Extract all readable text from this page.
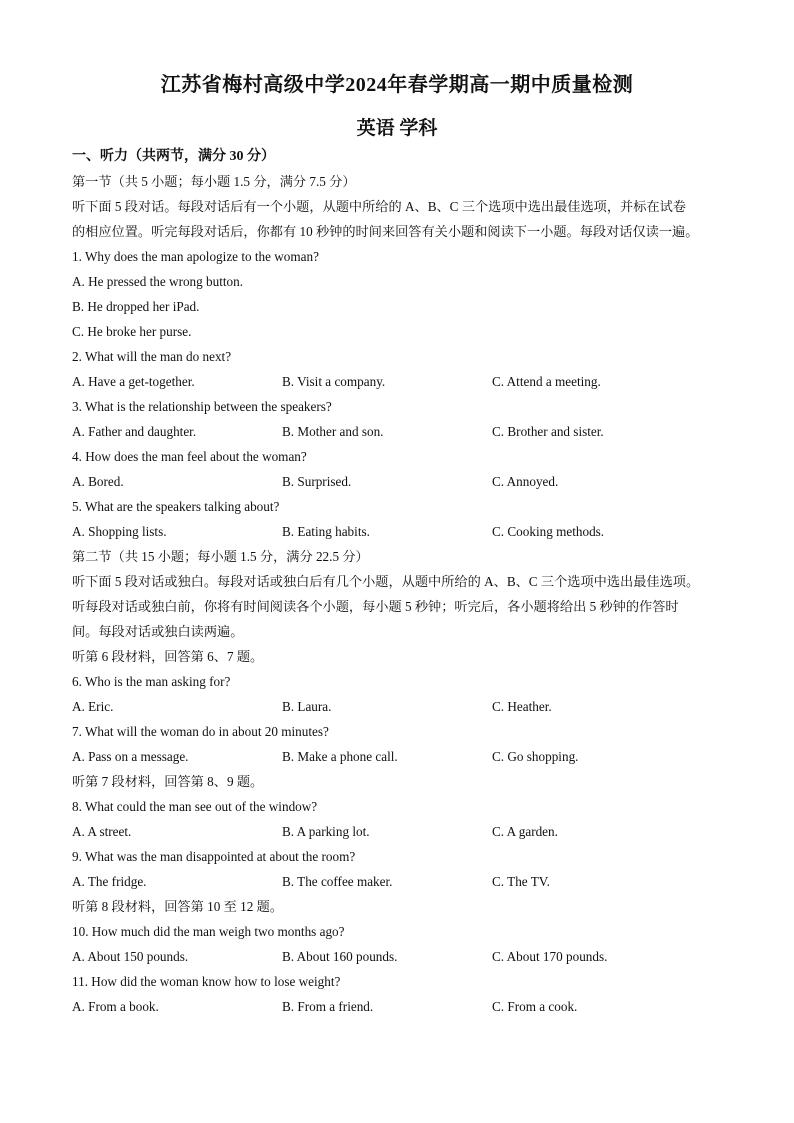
江苏省梅村高级中学2024年春学期高一期中质量检测
英语 学科
一、听力（共两节，满分 30 分）
第一节（共 5 小题；每小题 1.5 分，满分 7.5 分）
听下面 5 段对话。每段对话后有一个小题，从题中所给的 A、B、C 三个选项中选出最佳选项，并标在试卷
的相应位置。听完每段对话后，你都有 10 秒钟的时间来回答有关小题和阅读下一小题。每段对话仅读一遍。
1. Why does the man apologize to the woman?
A. He pressed the wrong button.
B. He dropped her iPad.
C. He broke her purse.
2. What will the man do next?
A. Have a get-together.	B. Visit a company.	C. Attend a meeting.
3. What is the relationship between the speakers?
A. Father and daughter.	B. Mother and son.	C. Brother and sister.
4. How does the man feel about the woman?
A. Bored.	B. Surprised.	C. Annoyed.
5. What are the speakers talking about?
A. Shopping lists.	B. Eating habits.	C. Cooking methods.
第二节（共 15 小题；每小题 1.5 分，满分 22.5 分）
听下面 5 段对话或独白。每段对话或独白后有几个小题，从题中所给的 A、B、C 三个选项中选出最佳选项。
听每段对话或独白前，你将有时间阅读各个小题，每小题 5 秒钟；听完后，各小题将给出 5 秒钟的作答时
间。每段对话或独白读两遍。
听第 6 段材料，回答第 6、7 题。
6. Who is the man asking for?
A. Eric.	B. Laura.	C. Heather.
7. What will the woman do in about 20 minutes?
A. Pass on a message.	B. Make a phone call.	C. Go shopping.
听第 7 段材料，回答第 8、9 题。
8. What could the man see out of the window?
A. A street.	B. A parking lot.	C. A garden.
9. What was the man disappointed at about the room?
A. The fridge.	B. The coffee maker.	C. The TV.
听第 8 段材料，回答第 10 至 12 题。
10. How much did the man weigh two months ago?
A. About 150 pounds.	B. About 160 pounds.	C. About 170 pounds.
11. How did the woman know how to lose weight?
A. From a book.	B. From a friend.	C. From a cook.
